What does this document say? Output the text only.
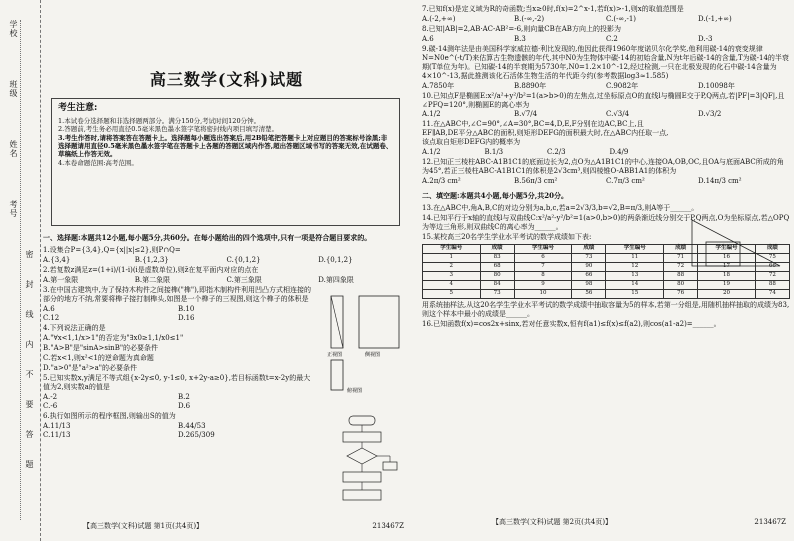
学校
班级
姓名
考号
密
封
线
内
不
要
答
题
高三数学(文科)试题
考生注意:

1.本试卷分选择题和非选择题两部分。满分150分,考试时间120分钟。

2.答题前,考生务必用直径0.5毫米黑色墨水签字笔将密封线内项目填写清楚。

3.考生作答时,请将答案答在答题卡上。选择题每小题选出答案后,用2B铅笔把答题卡上对应题目的答案标号涂黑;非选择题请用直径0.5毫米黑色墨水签字笔在答题卡上各题的答题区域内作答,超出答题区域书写的答案无效,在试题卷、草稿纸上作答无效。

4.本卷命题范围:高考范围。

一、选择题:本题共12小题,每小题5分,共60分。在每小题给出的四个选项中,只有一项是符合题目要求的。
1.设集合P={3,4},Q={x||x|≤2},则P∩Q=
A.{3,4}	B.{1,2,3}	C.{0,1,2}	D.{0,1,2}
2.若复数z满足z=(1+i)/(1-i)(i是虚数单位),则z̄在复平面内对应的点在
A.第一象限	B.第二象限	C.第三象限	D.第四象限
3.在中国古建筑中,为了保持木构件之间接榫("榫"),即指木制构件利用凹凸方式相连接的部分的地方不纳,常要将榫子接打制榫头,如图是一个榫子的三视图,则这个榫子的体积是
A.6	B.10
C.12	D.16
4.下列说法正确的是
A."∀x<1,1/x>1"的否定为"∃x0≥1,1/x0≤1"
B."A>B"是"sinA>sinB"的必要条件
C.若x<1,则x²<1的逆命题为真命题
D."a>0"是"a²>a"的必要条件
5.已知实数x,y满足不等式组{x-2y≤0, y-1≤0, x+2y-a≥0},若目标函数t=x-2y的最大值为2,则实数a的值是
A.-2	B.2
C.-6	D.6
6.执行如图所示的程序框图,则输出S的值为
A.11/13	B.44/53
C.11/13	D.265/309
正视图	侧视图
俯视图
【高三数学(文科)试题 第1页(共4页)】	213467Z
7.已知f(x)是定义域为R的奇函数;当x≥0时,f(x)=2^x-1,若f(x)>-1,则x的取值范围是
A.(-2,+∞)	B.(-∞,-2)	C.(-∞,-1)	D.(-1,+∞)
8.已知|AB|=2,AB·AC-AB²=-6,则向量CB在AB方向上的投影为
A.6	B.3	C.2	D.-3
9.碳-14测年法是由美国科学家威拉德·利比发现的,他因此获得1960年度诺贝尔化学奖,他利用碳-14的衰变规律N=N0e^(-t/T)来估算古生物遗骸的年代,其中N0为生物体中碳-14的初始含量,N为t年后碳-14的含量,T为碳-14的半衰期(T单位为年)。已知碳-14的半衰期为5730年,N0=1.2×10^-12,经过检测,一只在北极发现的化石中碳-14含量为4×10^-13,据此推测该化石活体生物生活的年代距今约(参考数据log3≈1.585)
A.7850年	B.8890年	C.9082年	D.10098年
10.已知点F是椭圆E:x²/a²+y²/b²=1(a>b>0)的左焦点,过坐标原点O的直线l与椭圆E交于P,Q两点,若|PF|=3|QF|,且∠PFQ=120°,则椭圆E的离心率为
A.1/2	B.√7/4	C.√3/4	D.√3/2
11.在△ABC中,∠C=90°,∠A=30°,BC=4,D,E,F分别在边AC,BC上,且EF∥AB,DE平分△ABC的面积,则矩形DEFG的面积最大时,在△ABC内任取一点,该点取自矩形DEFG内的概率为
A.1/2	B.1/3	C.2/3	D.4/9
12.已知正三棱柱ABC-A1B1C1的底面边长为2,点O为△A1B1C1的中心,连接OA,OB,OC,且OA与底面ABC所成的角为45°,若正三棱柱ABC-A1B1C1的体积是2√3cm³,则四棱锥O-ABB1A1的体积为
A.2π/3 cm²	B.56π/3 cm²	C.7π/3 cm²	D.14π/3 cm²
二、填空题:本题共4小题,每小题5分,共20分。
13.在△ABC中,角A,B,C的对边分别为a,b,c,若a=2√3/3,b=√2,B=π/3,则A等于______。
14.已知平行于x轴的直线l与双曲线C:x²/a²-y²/b²=1(a>0,b>0)的两条渐近线分别交于P,Q两点,O为坐标原点,若△OPQ为等边三角形,则双曲线C的离心率为______。
15.某校高三20名学生学业水平考试的数学成绩如下表:
学生编号	成绩	学生编号	成绩	学生编号	成绩	学生编号	成绩
1	83	6	73	11	71	16	75
2	68	7	90	12	72	17	66
3	80	8	66	13	88	18	72
4	84	9	98	14	80	19	88
5	73	10	56	15	76	20	74
用系统抽样法,从这20名学生学业水平考试的数学成绩中抽取容量为5的样本,若第一分组是,用随机抽样抽取的成绩为83,则这个样本中最小的成绩是______。
16.已知函数f(x)=cos2x+sinx,若对任意实数x,恒有f(a1)≤f(x)≤f(a2),则cos(a1-a2)=______。
【高三数学(文科)试题 第2页(共4页)】	213467Z
